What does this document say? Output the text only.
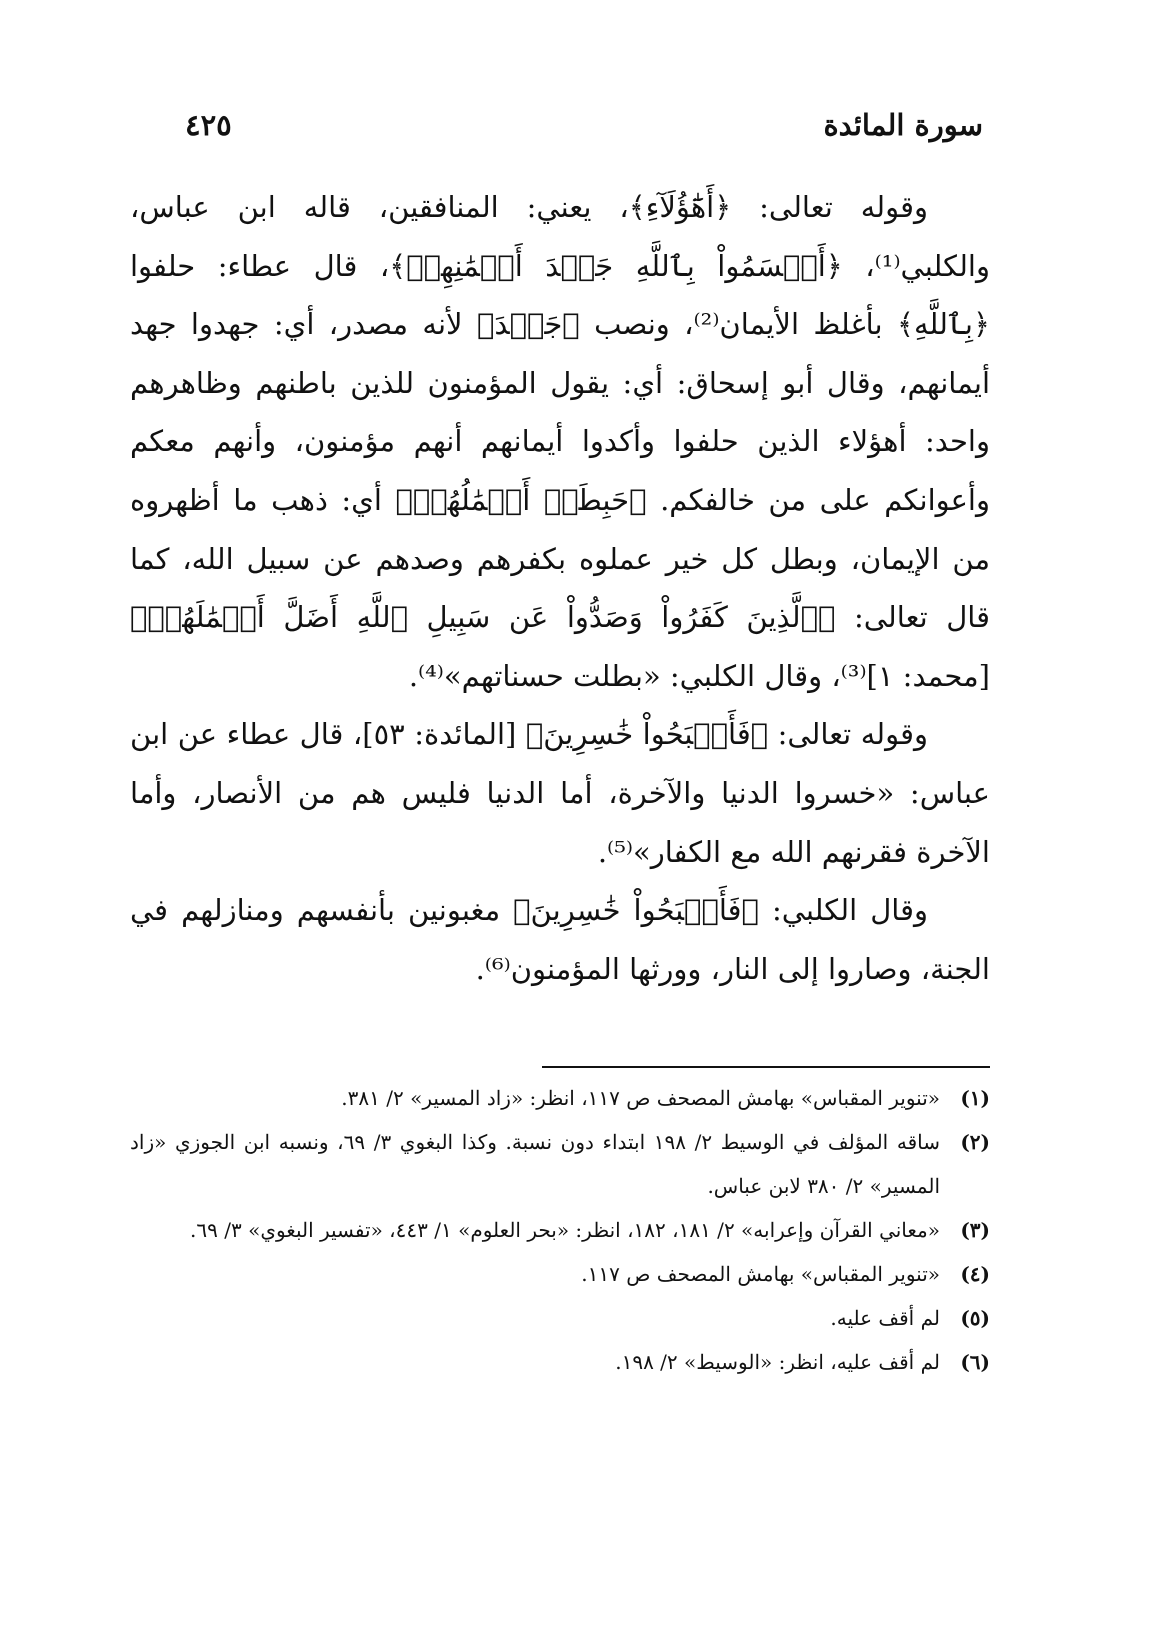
سورة المائدة
٤٢٥

وقوله تعالى: ﴿أَهَٰٓؤُلَآءِ﴾، يعني: المنافقين، قاله ابن عباس، والكلبي⁽¹⁾، ﴿أَقۡسَمُواْ بِٱللَّهِ جَهۡدَ أَيۡمَٰنِهِمۡ﴾، قال عطاء: حلفوا ﴿بِٱللَّهِ﴾ بأغلظ الأيمان⁽²⁾، ونصب ﴿جَهۡدَ﴾ لأنه مصدر، أي: جهدوا جهد أيمانهم، وقال أبو إسحاق: أي: يقول المؤمنون للذين باطنهم وظاهرهم واحد: أهؤلاء الذين حلفوا وأكدوا أيمانهم أنهم مؤمنون، وأنهم معكم وأعوانكم على من خالفكم. ﴿حَبِطَتۡ أَعۡمَٰلُهُمۡ﴾ أي: ذهب ما أظهروه من الإيمان، وبطل كل خير عملوه بكفرهم وصدهم عن سبيل الله، كما قال تعالى: ﴿ٱلَّذِينَ كَفَرُواْ وَصَدُّواْ عَن سَبِيلِ ٱللَّهِ أَضَلَّ أَعۡمَٰلَهُمۡ﴾ [محمد: ١]⁽³⁾، وقال الكلبي: «بطلت حسناتهم»⁽⁴⁾.

وقوله تعالى: ﴿فَأَصۡبَحُواْ خَٰسِرِينَ﴾ [المائدة: ٥٣]، قال عطاء عن ابن عباس: «خسروا الدنيا والآخرة، أما الدنيا فليس هم من الأنصار، وأما الآخرة فقرنهم الله مع الكفار»⁽⁵⁾.

وقال الكلبي: ﴿فَأَصۡبَحُواْ خَٰسِرِينَ﴾ مغبونين بأنفسهم ومنازلهم في الجنة، وصاروا إلى النار، وورثها المؤمنون⁽⁶⁾.

(١)
«تنوير المقباس» بهامش المصحف ص ١١٧، انظر: «زاد المسير» ٢/ ٣٨١.
(٢)
ساقه المؤلف في الوسيط ٢/ ١٩٨ ابتداء دون نسبة. وكذا البغوي ٣/ ٦٩، ونسبه ابن الجوزي «زاد المسير» ٢/ ٣٨٠ لابن عباس.
(٣)
«معاني القرآن وإعرابه» ٢/ ١٨١، ١٨٢، انظر: «بحر العلوم» ١/ ٤٤٣، «تفسير البغوي» ٣/ ٦٩.
(٤)
«تنوير المقباس» بهامش المصحف ص ١١٧.
(٥)
لم أقف عليه.
(٦)
لم أقف عليه، انظر: «الوسيط» ٢/ ١٩٨.
